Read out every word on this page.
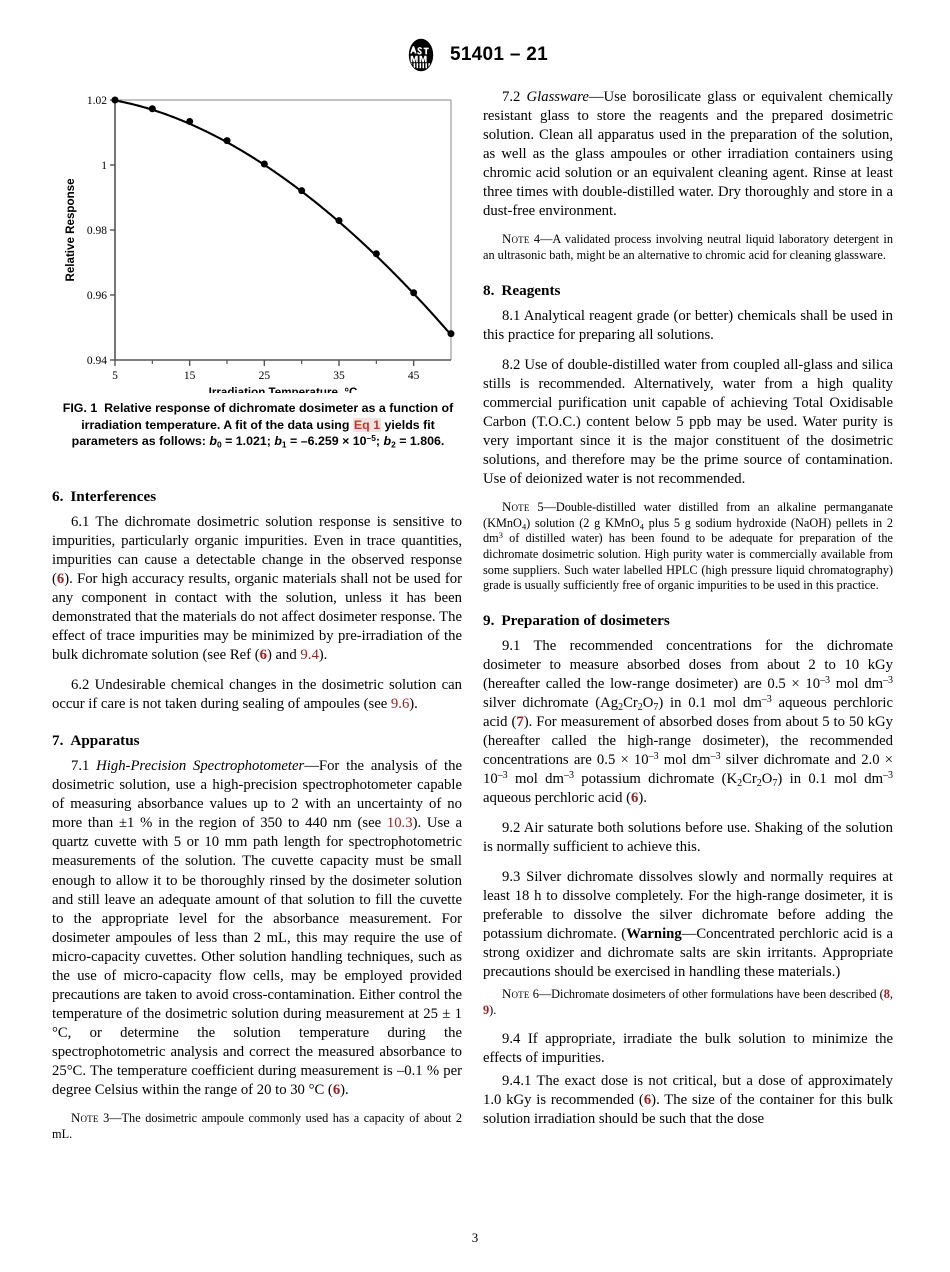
51401 – 21
0.94
0.96
0.98
1
1.02
5	15	25	35	45
Irradiation Temperature, °C
Relative Response
FIG. 1 Relative response of dichromate dosimeter as a function of irradiation temperature. A fit of the data using Eq 1 yields fit parameters as follows: $b_0 = 1.021$; $b_1 = -6.259 \times 10^{-5}$; $b_2 = 1.806$.
6. Interferences

6.1 The dichromate dosimetric solution response is sensitive to impurities, particularly organic impurities. Even in trace quantities, impurities can cause a detectable change in the observed response (6). For high accuracy results, organic materials shall not be used for any component in contact with the solution, unless it has been demonstrated that the materials do not affect dosimeter response. The effect of trace impurities may be minimized by pre-irradiation of the bulk dichromate solution (see Ref (6) and 9.4).

6.2 Undesirable chemical changes in the dosimetric solution can occur if care is not taken during sealing of ampoules (see 9.6).

7. Apparatus

7.1 High-Precision Spectrophotometer—For the analysis of the dosimetric solution, use a high-precision spectrophotometer capable of measuring absorbance values up to 2 with an uncertainty of no more than ±1 % in the region of 350 to 440 nm (see 10.3). Use a quartz cuvette with 5 or 10 mm path length for spectrophotometric measurements of the solution. The cuvette capacity must be small enough to allow it to be thoroughly rinsed by the dosimeter solution and still leave an adequate amount of that solution to fill the cuvette to the appropriate level for the absorbance measurement. For dosimeter ampoules of less than 2 mL, this may require the use of micro-capacity cuvettes. Other solution handling techniques, such as the use of micro-capacity flow cells, may be employed provided precautions are taken to avoid cross-contamination. Either control the temperature of the dosimetric solution during measurement at 25 ± 1 °C, or determine the solution temperature during the spectrophotometric analysis and correct the measured absorbance to 25°C. The temperature coefficient during measurement is –0.1 % per degree Celsius within the range of 20 to 30 °C (6).

Note 3—The dosimetric ampoule commonly used has a capacity of about 2 mL.

7.2 Glassware—Use borosilicate glass or equivalent chemically resistant glass to store the reagents and the prepared dosimetric solution. Clean all apparatus used in the preparation of the solution, as well as the glass ampoules or other irradiation containers using chromic acid solution or an equivalent cleaning agent. Rinse at least three times with double-distilled water. Dry thoroughly and store in a dust-free environment.

Note 4—A validated process involving neutral liquid laboratory detergent in an ultrasonic bath, might be an alternative to chromic acid for cleaning glassware.

8. Reagents

8.1 Analytical reagent grade (or better) chemicals shall be used in this practice for preparing all solutions.

8.2 Use of double-distilled water from coupled all-glass and silica stills is recommended. Alternatively, water from a high quality commercial purification unit capable of achieving Total Oxidisable Carbon (T.O.C.) content below 5 ppb may be used. Water purity is very important since it is the major constituent of the dosimetric solutions, and therefore may be the prime source of contamination. Use of deionized water is not recommended.

Note 5—Double-distilled water distilled from an alkaline permanganate (KMnO$_4$) solution (2 g KMnO$_4$ plus 5 g sodium hydroxide (NaOH) pellets in 2 $dm^3$ of distilled water) has been found to be adequate for preparation of the dichromate dosimetric solution. High purity water is commercially available from some suppliers. Such water labelled HPLC (high pressure liquid chromatography) grade is usually sufficiently free of organic impurities to be used in this practice.

9. Preparation of dosimeters

9.1 The recommended concentrations for the dichromate dosimeter to measure absorbed doses from about 2 to 10 kGy (hereafter called the low-range dosimeter) are $0.5 \times 10^{-3}$ mol $dm^{-3}$ silver dichromate $(Ag_2Cr_2O_7)$ in 0.1 mol $dm^{-3}$ aqueous perchloric acid (7). For measurement of absorbed doses from about 5 to 50 kGy (hereafter called the high-range dosimeter), the recommended concentrations are $0.5 \times 10^{-3}$ mol $dm^{-3}$ silver dichromate and $2.0 \times 10^{-3}$ mol $dm^{-3}$ potassium dichromate $(K_2Cr_2O_7)$ in 0.1 mol $dm^{-3}$ aqueous perchloric acid (6).

9.2 Air saturate both solutions before use. Shaking of the solution is normally sufficient to achieve this.

9.3 Silver dichromate dissolves slowly and normally requires at least 18 h to dissolve completely. For the high-range dosimeter, it is preferable to dissolve the silver dichromate before adding the potassium dichromate. (Warning—Concentrated perchloric acid is a strong oxidizer and dichromate salts are skin irritants. Appropriate precautions should be exercised in handling these materials.)

Note 6—Dichromate dosimeters of other formulations have been described (8, 9).

9.4 If appropriate, irradiate the bulk solution to minimize the effects of impurities.

9.4.1 The exact dose is not critical, but a dose of approximately 1.0 kGy is recommended (6). The size of the container for this bulk solution irradiation should be such that the dose

3
